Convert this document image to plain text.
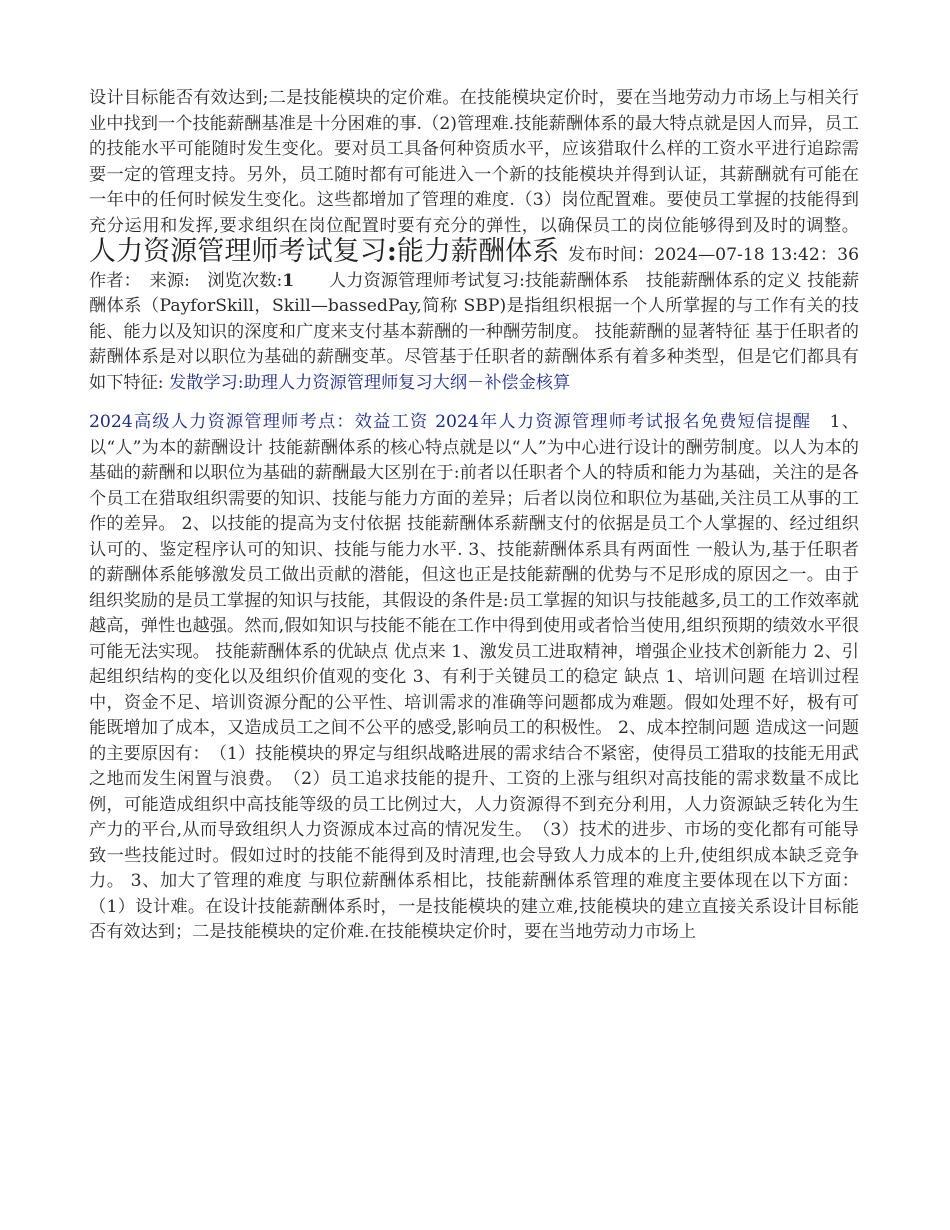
设计目标能否有效达到;二是技能模块的定价难。在技能模块定价时，要在当地劳动力市场上与相关行业中找到一个技能薪酬基准是十分困难的事.（2)管理难.技能薪酬体系的最大特点就是因人而异，员工的技能水平可能随时发生变化。要对员工具备何种资质水平，应该猎取什么样的工资水平进行追踪需要一定的管理支持。另外，员工随时都有可能进入一个新的技能模块并得到认证，其薪酬就有可能在一年中的任何时候发生变化。这些都增加了管理的难度.（3）岗位配置难。要使员工掌握的技能得到充分运用和发挥,要求组织在岗位配置时要有充分的弹性，以确保员工的岗位能够得到及时的调整。 人力资源管理师考试复习:能力薪酬体系 发布时间：2024—07-18 13:42：36　作者：　来源:　浏览次数:1　　人力资源管理师考试复习:技能薪酬体系　技能薪酬体系的定义 技能薪酬体系（PayforSkill，Skill—bassedPay,简称 SBP)是指组织根据一个人所掌握的与工作有关的技能、能力以及知识的深度和广度来支付基本薪酬的一种酬劳制度。 技能薪酬的显著特征 基于任职者的薪酬体系是对以职位为基础的薪酬变革。尽管基于任职者的薪酬体系有着多种类型，但是它们都具有如下特征: 发散学习:助理人力资源管理师复习大纲－补偿金核算
2024高级人力资源管理师考点：效益工资 2024年人力资源管理师考试报名免费短信提醒　1、以“人”为本的薪酬设计 技能薪酬体系的核心特点就是以“人”为中心进行设计的酬劳制度。以人为本的基础的薪酬和以职位为基础的薪酬最大区别在于:前者以任职者个人的特质和能力为基础，关注的是各个员工在猎取组织需要的知识、技能与能力方面的差异；后者以岗位和职位为基础,关注员工从事的工作的差异。 2、以技能的提高为支付依据 技能薪酬体系薪酬支付的依据是员工个人掌握的、经过组织认可的、鉴定程序认可的知识、技能与能力水平. 3、技能薪酬体系具有两面性 一般认为,基于任职者的薪酬体系能够激发员工做出贡献的潜能，但这也正是技能薪酬的优势与不足形成的原因之一。由于组织奖励的是员工掌握的知识与技能，其假设的条件是:员工掌握的知识与技能越多,员工的工作效率就越高，弹性也越强。然而,假如知识与技能不能在工作中得到使用或者恰当使用,组织预期的绩效水平很可能无法实现。 技能薪酬体系的优缺点 优点来 1、激发员工进取精神，增强企业技术创新能力 2、引起组织结构的变化以及组织价值观的变化 3、有利于关键员工的稳定 缺点 1、培训问题 在培训过程中，资金不足、培训资源分配的公平性、培训需求的准确等问题都成为难题。假如处理不好，极有可能既增加了成本，又造成员工之间不公平的感受,影响员工的积极性。 2、成本控制问题 造成这一问题的主要原因有：　（1）技能模块的界定与组织战略进展的需求结合不紧密，使得员工猎取的技能无用武之地而发生闲置与浪费。　（2）员工追求技能的提升、工资的上涨与组织对高技能的需求数量不成比例，可能造成组织中高技能等级的员工比例过大，人力资源得不到充分利用，人力资源缺乏转化为生产力的平台,从而导致组织人力资源成本过高的情况发生。　（3）技术的进步、市场的变化都有可能导致一些技能过时。假如过时的技能不能得到及时清理,也会导致人力成本的上升,使组织成本缺乏竞争力。 3、加大了管理的难度 与职位薪酬体系相比，技能薪酬体系管理的难度主要体现在以下方面：（1）设计难。在设计技能薪酬体系时，一是技能模块的建立难,技能模块的建立直接关系设计目标能否有效达到；二是技能模块的定价难.在技能模块定价时，要在当地劳动力市场上
